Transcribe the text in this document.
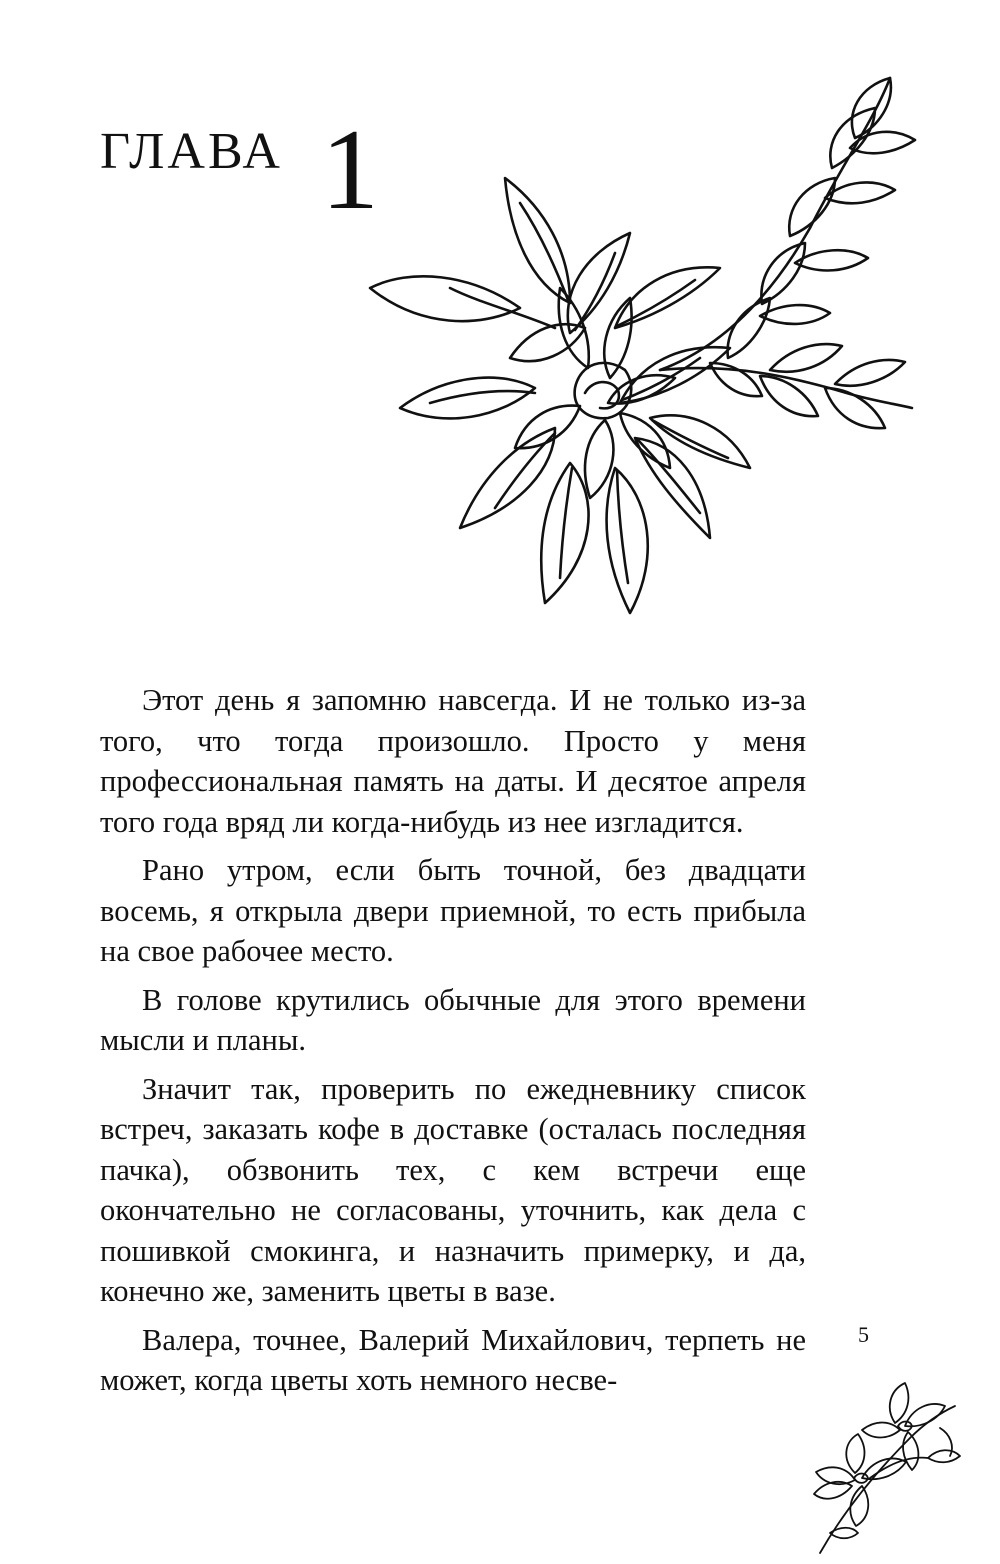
ГЛАВА 1

Этот день я запомню навсегда. И не только из-за того, что тогда произошло. Просто у меня профессиональная память на даты. И десятое апреля того года вряд ли когда-нибудь из нее изгладится.

Рано утром, если быть точной, без двадцати восемь, я открыла двери приемной, то есть прибыла на свое рабочее место.

В голове крутились обычные для этого времени мысли и планы.

Значит так, проверить по ежедневнику список встреч, заказать кофе в доставке (осталась последняя пачка), обзвонить тех, с кем встречи еще окончательно не согласованы, уточнить, как дела с пошивкой смокинга, и назначить примерку, и да, конечно же, заменить цветы в вазе.

Валера, точнее, Валерий Михайлович, терпеть не может, когда цветы хоть немного несве-

5
